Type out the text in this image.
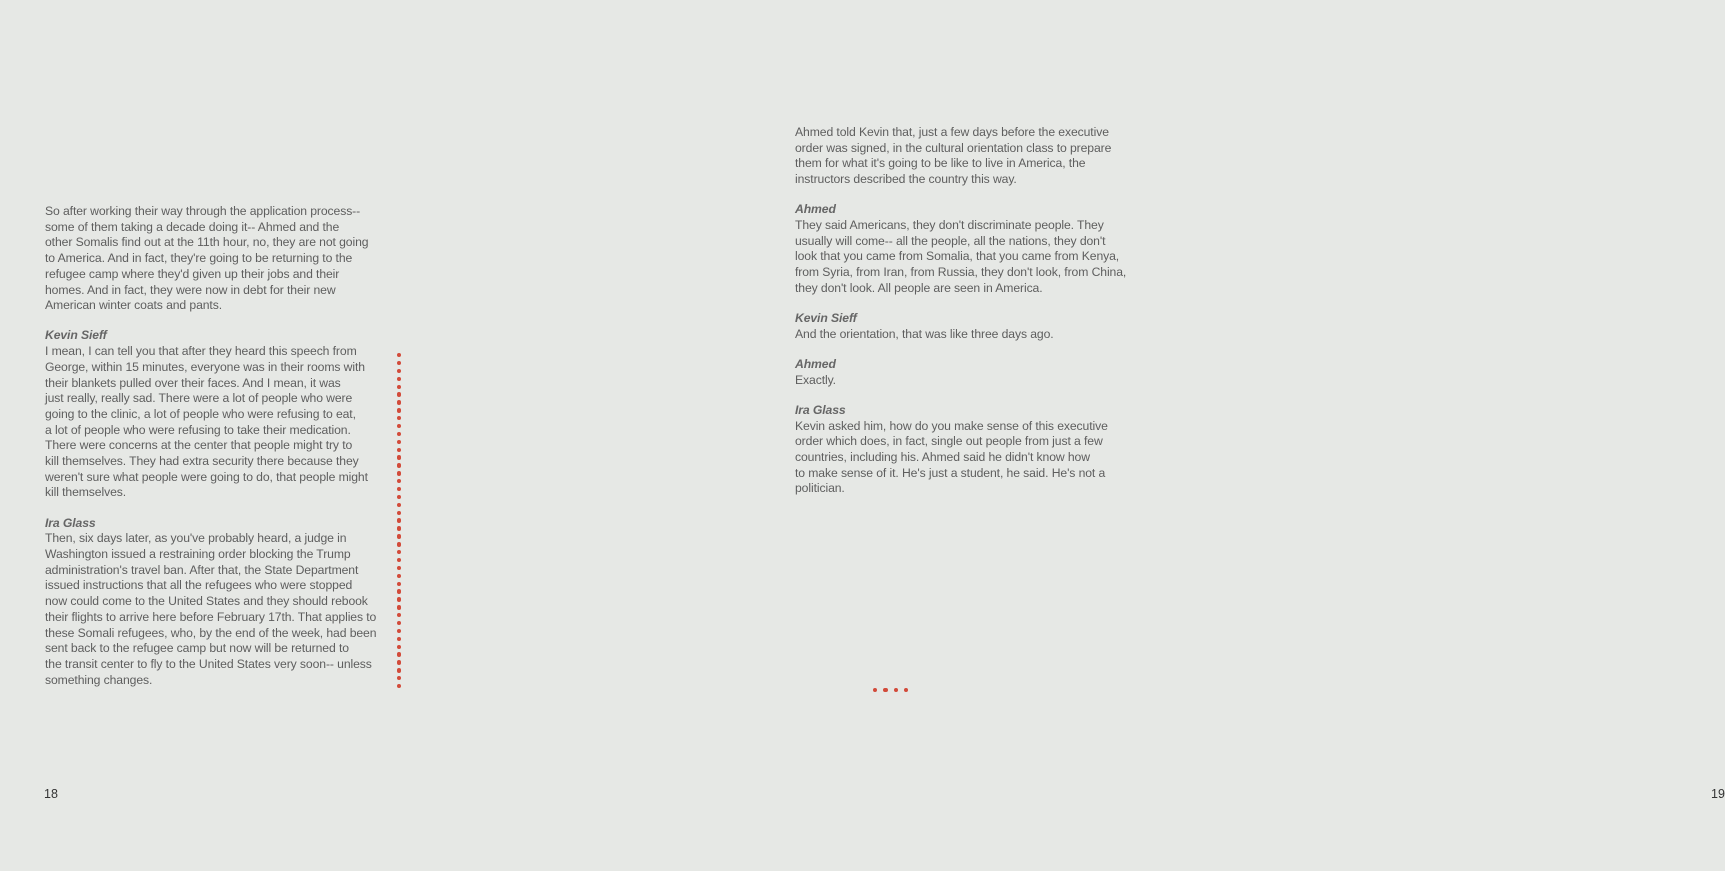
So after working their way through the application process--
some of them taking a decade doing it-- Ahmed and the
other Somalis find out at the 11th hour, no, they are not going
to America. And in fact, they're going to be returning to the
refugee camp where they'd given up their jobs and their
homes. And in fact, they were now in debt for their new
American winter coats and pants.

Kevin Sieff

I mean, I can tell you that after they heard this speech from
George, within 15 minutes, everyone was in their rooms with
their blankets pulled over their faces. And I mean, it was
just really, really sad. There were a lot of people who were
going to the clinic, a lot of people who were refusing to eat,
a lot of people who were refusing to take their medication.
There were concerns at the center that people might try to
kill themselves. They had extra security there because they
weren't sure what people were going to do, that people might
kill themselves.

Ira Glass

Then, six days later, as you've probably heard, a judge in
Washington issued a restraining order blocking the Trump
administration's travel ban. After that, the State Department
issued instructions that all the refugees who were stopped
now could come to the United States and they should rebook
their flights to arrive here before February 17th. That applies to
these Somali refugees, who, by the end of the week, had been
sent back to the refugee camp but now will be returned to
the transit center to fly to the United States very soon-- unless
something changes.
18
Ahmed told Kevin that, just a few days before the executive
order was signed, in the cultural orientation class to prepare
them for what it's going to be like to live in America, the
instructors described the country this way.

Ahmed

They said Americans, they don't discriminate people. They
usually will come-- all the people, all the nations, they don't
look that you came from Somalia, that you came from Kenya,
from Syria, from Iran, from Russia, they don't look, from China,
they don't look. All people are seen in America.

Kevin Sieff

And the orientation, that was like three days ago.

Ahmed

Exactly.

Ira Glass

Kevin asked him, how do you make sense of this executive
order which does, in fact, single out people from just a few
countries, including his. Ahmed said he didn't know how
to make sense of it. He's just a student, he said. He's not a
politician.
19
